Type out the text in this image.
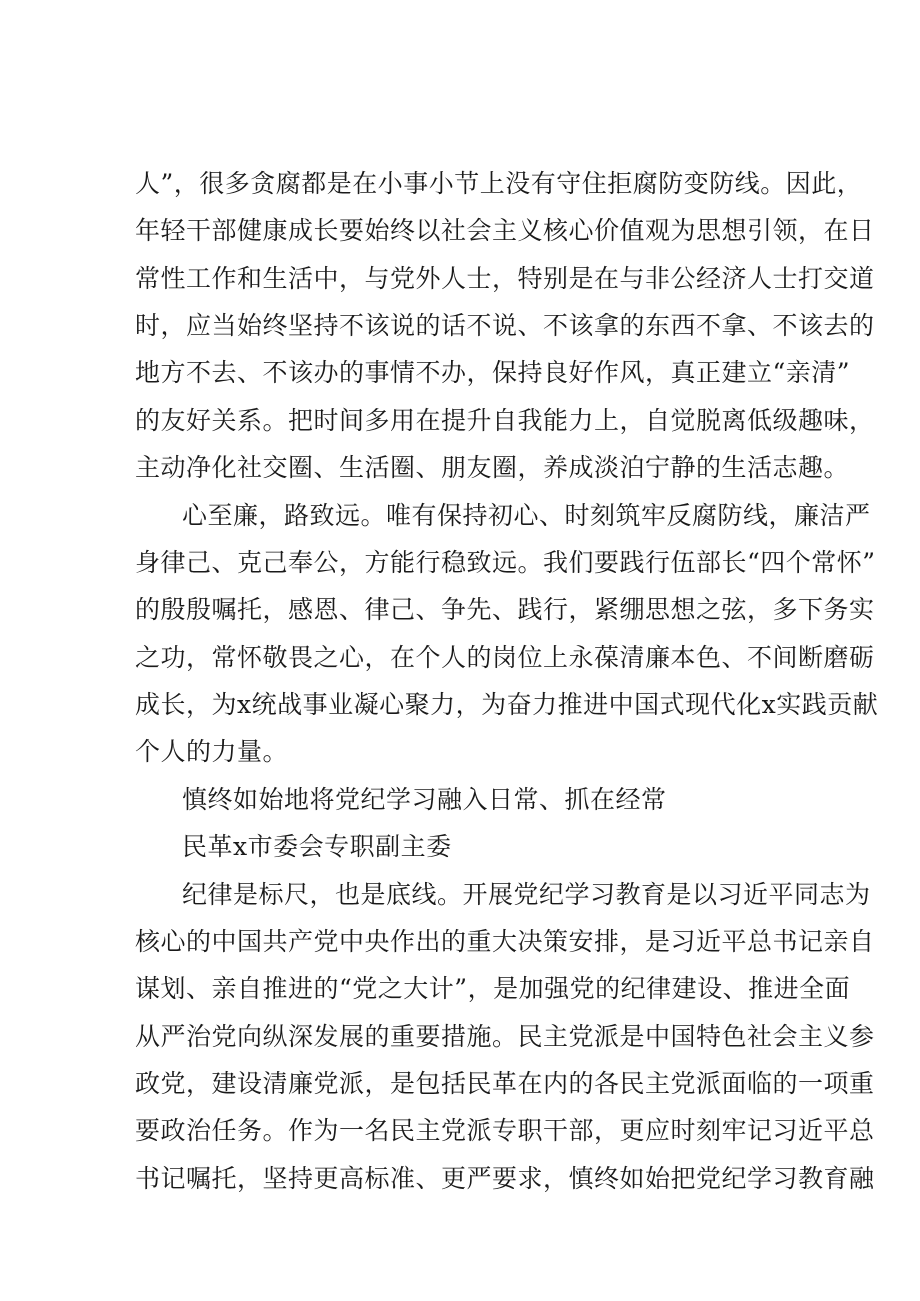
人”，很多贪腐都是在小事小节上没有守住拒腐防变防线。因此，
年轻干部健康成长要始终以社会主义核心价值观为思想引领，在日
常性工作和生活中，与党外人士，特别是在与非公经济人士打交道
时，应当始终坚持不该说的话不说、不该拿的东西不拿、不该去的
地方不去、不该办的事情不办，保持良好作风，真正建立“亲清”
的友好关系。把时间多用在提升自我能力上，自觉脱离低级趣味，
主动净化社交圈、生活圈、朋友圈，养成淡泊宁静的生活志趣。
心至廉，路致远。唯有保持初心、时刻筑牢反腐防线，廉洁严
身律己、克己奉公，方能行稳致远。我们要践行伍部长“四个常怀”
的殷殷嘱托，感恩、律己、争先、践行，紧绷思想之弦，多下务实
之功，常怀敬畏之心，在个人的岗位上永葆清廉本色、不间断磨砺
成长，为x统战事业凝心聚力，为奋力推进中国式现代化x实践贡献
个人的力量。
慎终如始地将党纪学习融入日常、抓在经常
民革x市委会专职副主委
纪律是标尺，也是底线。开展党纪学习教育是以习近平同志为
核心的中国共产党中央作出的重大决策安排，是习近平总书记亲自
谋划、亲自推进的“党之大计”，是加强党的纪律建设、推进全面
从严治党向纵深发展的重要措施。民主党派是中国特色社会主义参
政党，建设清廉党派，是包括民革在内的各民主党派面临的一项重
要政治任务。作为一名民主党派专职干部，更应时刻牢记习近平总
书记嘱托，坚持更高标准、更严要求，慎终如始把党纪学习教育融
